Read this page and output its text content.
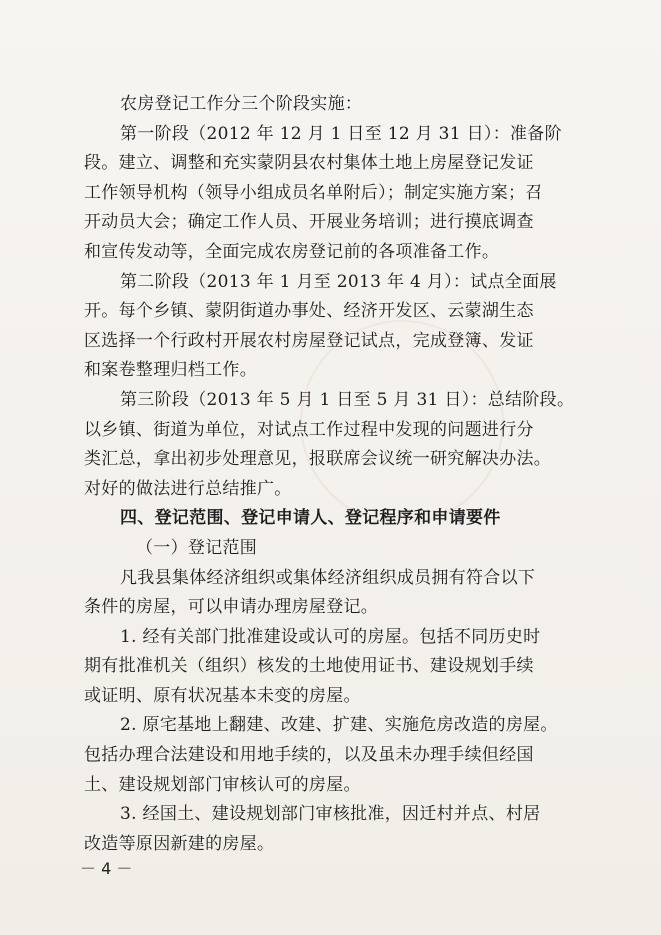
农房登记工作分三个阶段实施：
第一阶段（2012 年 12 月 1 日至 12 月 31 日）：准备阶
段。建立、调整和充实蒙阴县农村集体土地上房屋登记发证
工作领导机构（领导小组成员名单附后）；制定实施方案；召
开动员大会；确定工作人员、开展业务培训；进行摸底调查
和宣传发动等，全面完成农房登记前的各项准备工作。
第二阶段（2013 年 1 月至 2013 年 4 月）：试点全面展
开。每个乡镇、蒙阴街道办事处、经济开发区、云蒙湖生态
区选择一个行政村开展农村房屋登记试点，完成登簿、发证
和案卷整理归档工作。
第三阶段（2013 年 5 月 1 日至 5 月 31 日）：总结阶段。
以乡镇、街道为单位，对试点工作过程中发现的问题进行分
类汇总，拿出初步处理意见，报联席会议统一研究解决办法。
对好的做法进行总结推广。
四、登记范围、登记申请人、登记程序和申请要件
（一）登记范围
凡我县集体经济组织或集体经济组织成员拥有符合以下
条件的房屋，可以申请办理房屋登记。
1. 经有关部门批准建设或认可的房屋。包括不同历史时
期有批准机关（组织）核发的土地使用证书、建设规划手续
或证明、原有状况基本未变的房屋。
2. 原宅基地上翻建、改建、扩建、实施危房改造的房屋。
包括办理合法建设和用地手续的，以及虽未办理手续但经国
土、建设规划部门审核认可的房屋。
3. 经国土、建设规划部门审核批准，因迁村并点、村居
改造等原因新建的房屋。
－ 4 －
